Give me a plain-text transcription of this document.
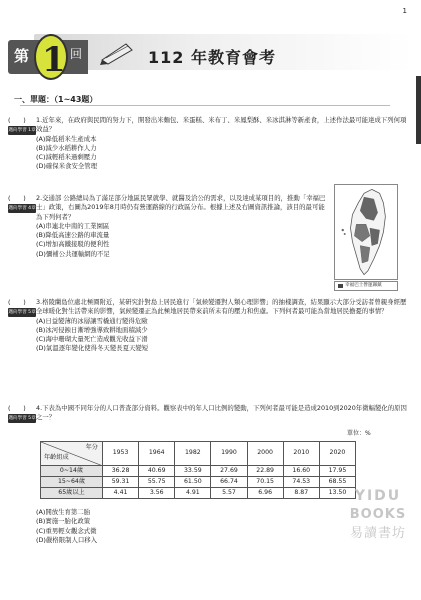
1
第 1 回	112 年教育會考
一、單題：（1~43題）
(　　)	1.近年來，在政府與民間的努力下，開發出米麵包、米蛋糕、米布丁、米鳳梨酥、米冰淇淋等新產食，上述作法最可能達成下列何項效益？
邁向學習 1章
(A)降低稻米生產成本
(B)減少水稻耕作人力
(C)減輕稻米過剩壓力
(D)確保米食安全管理
(　　)	2.交通部 公路總局為了滿足部分地區民眾就學、就醫及洽公的需求，以及達成某項目的，推動「幸福巴士」政策，右圖為2019年8月時仍有營運路線的行政區分布。根據上述及右圖資訊推論，該目的最可能為下列何者？
邁向學習 4章
(A)串連北中南的工業園區
(B)降低高速公路的車流量
(C)增加高鐵接駁的便利性
(D)彌補公共運輸網的不足
幸福巴士營運縣鎮
(　　)	3.格陵蘭島位處北極圈附近，某研究針對島上居民進行「氣候變遷對人類心理影響」的抽樣調查，結果顯示大部分受訪者曾親身經歷全球暖化對生活帶來的影響，氣候變遷正為此極地居民帶來前所未有的壓力和焦慮。下列何者最可能為當地居民擔憂的事情？
邁向學習 5章
(A)日益變薄的冰層讓雪橇通行變得危險
(B)冰河侵蝕日漸增強導致耕地面積減少
(C)海中珊瑚大量死亡造成觀光收益下滑
(D)氣溫逐年變化使得冬天變長夏天變短
(　　)	4.下表為中國不同年分的人口普查部分資料。觀察表中的年人口比例的變動，下列何者最可能是造成2010到2020年微幅變化的原因之一？
邁向學習 5章
單位：%
年分
年齡組成	1953	1964	1982	1990	2000	2010	2020
0~14歲	36.28	40.69	33.59	27.69	22.89	16.60	17.95
15~64歲	59.31	55.75	61.50	66.74	70.15	74.53	68.55
65歲以上	4.41	3.56	4.91	5.57	6.96	8.87	13.50
(A)開放生育第二胎
(B)實施一胎化政策
(C)重男輕女觀念式微
(D)嚴格限制人口移入
YIDU
BOOKS
易讀書坊
